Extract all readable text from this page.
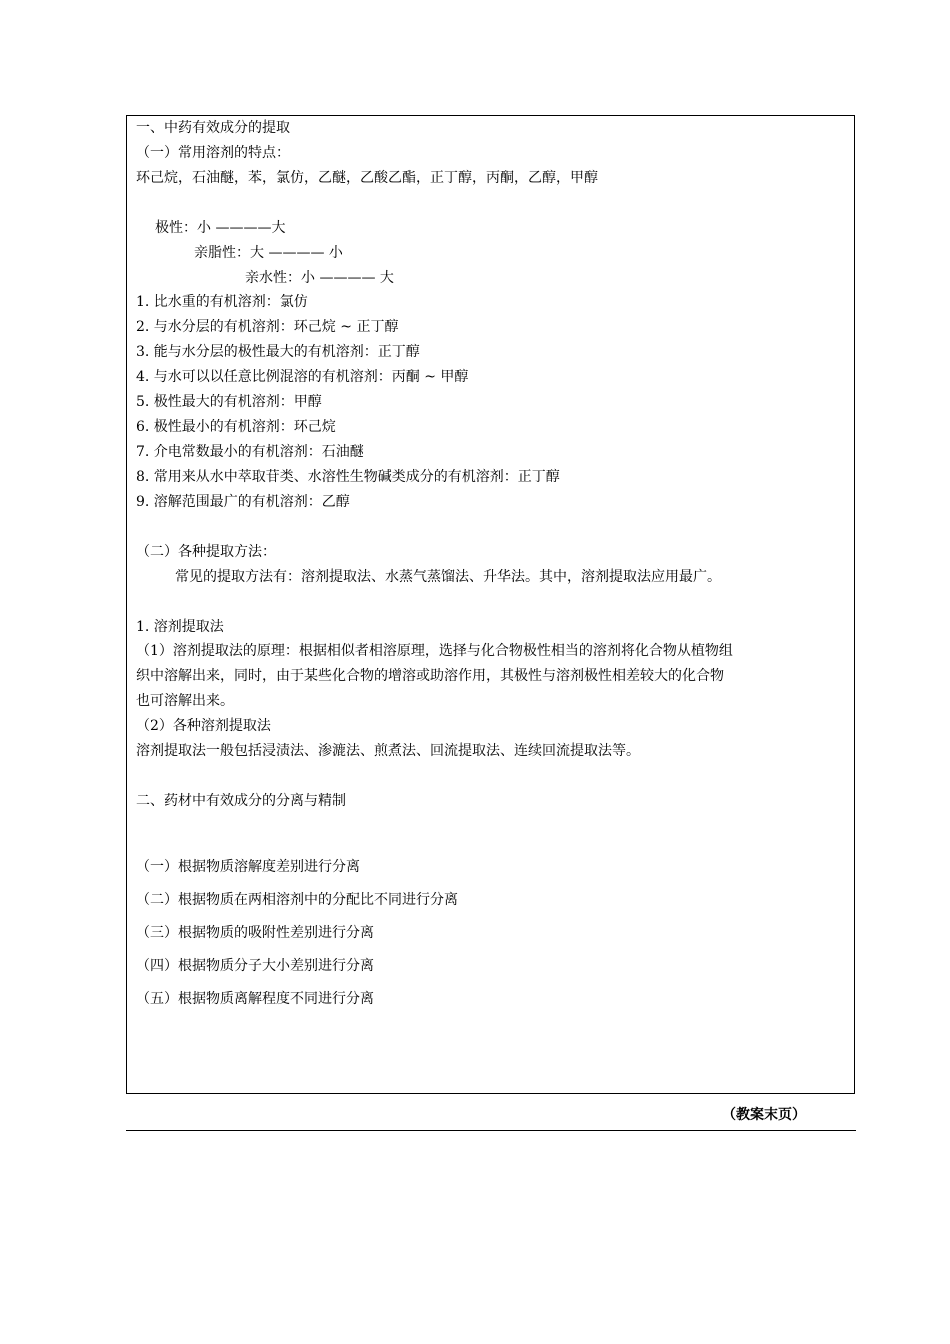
一、中药有效成分的提取
（一）常用溶剂的特点：
环己烷，石油醚，苯，氯仿，乙醚，乙酸乙酯，正丁醇，丙酮，乙醇，甲醇
极性：小 ————大
亲脂性：大 ———— 小
亲水性：小 ———— 大
1. 比水重的有机溶剂：氯仿
2. 与水分层的有机溶剂：环己烷 ~ 正丁醇
3. 能与水分层的极性最大的有机溶剂：正丁醇
4. 与水可以以任意比例混溶的有机溶剂：丙酮 ~ 甲醇
5. 极性最大的有机溶剂：甲醇
6. 极性最小的有机溶剂：环己烷
7. 介电常数最小的有机溶剂：石油醚
8. 常用来从水中萃取苷类、水溶性生物碱类成分的有机溶剂：正丁醇
9. 溶解范围最广的有机溶剂：乙醇
（二）各种提取方法：
常见的提取方法有：溶剂提取法、水蒸气蒸馏法、升华法。其中，溶剂提取法应用最广。
1. 溶剂提取法
（1）溶剂提取法的原理：根据相似者相溶原理，选择与化合物极性相当的溶剂将化合物从植物组
织中溶解出来，同时，由于某些化合物的增溶或助溶作用，其极性与溶剂极性相差较大的化合物
也可溶解出来。
（2）各种溶剂提取法
溶剂提取法一般包括浸渍法、渗漉法、煎煮法、回流提取法、连续回流提取法等。
二、药材中有效成分的分离与精制
（一）根据物质溶解度差别进行分离
（二）根据物质在两相溶剂中的分配比不同进行分离
（三）根据物质的吸附性差别进行分离
（四）根据物质分子大小差别进行分离
（五）根据物质离解程度不同进行分离
（教案末页）
